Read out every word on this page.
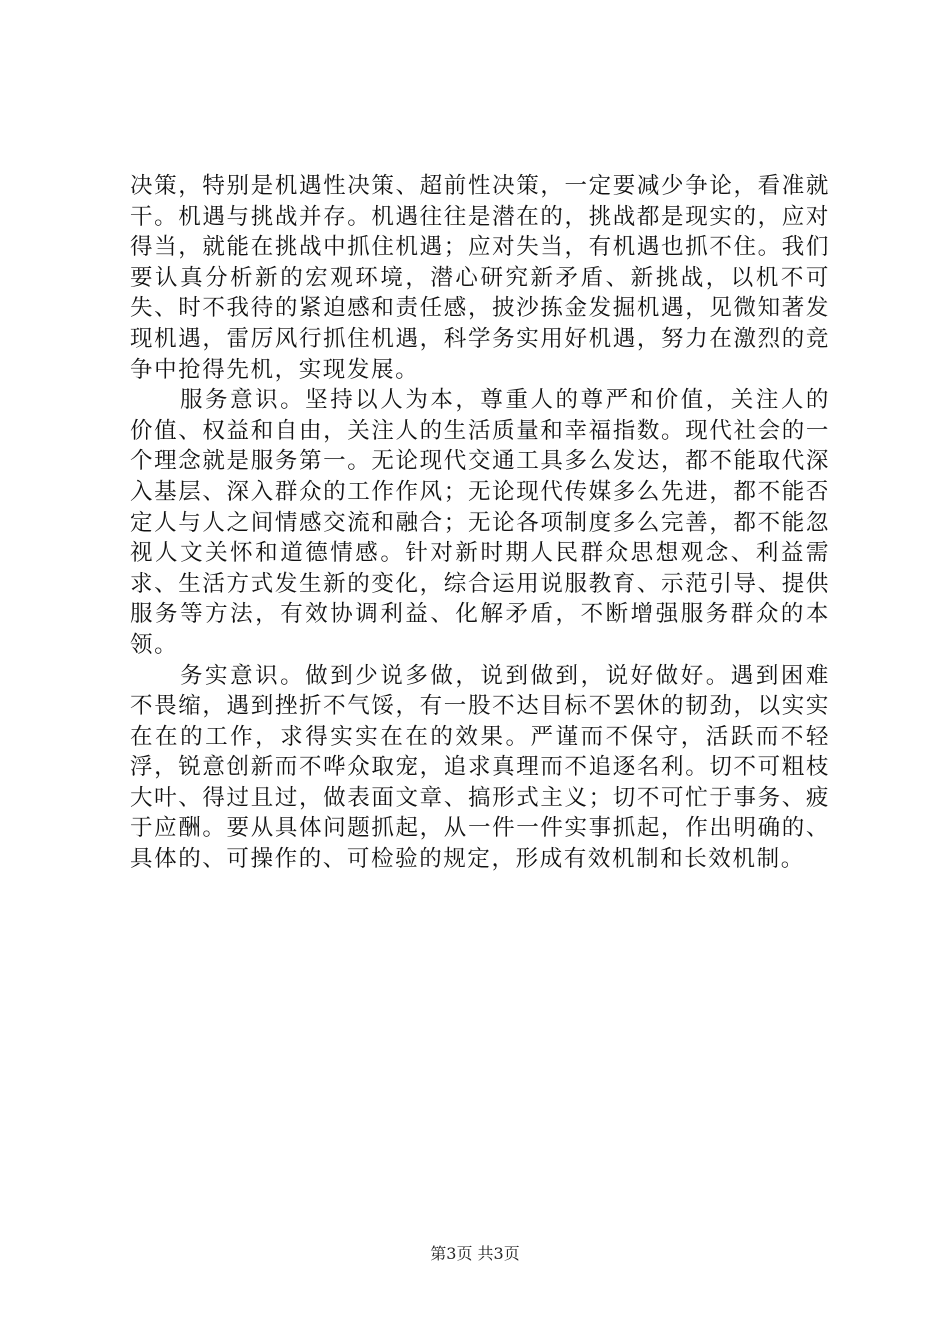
决策，特别是机遇性决策、超前性决策，一定要减少争论，看准就干。机遇与挑战并存。机遇往往是潜在的，挑战都是现实的，应对得当，就能在挑战中抓住机遇；应对失当，有机遇也抓不住。我们要认真分析新的宏观环境，潜心研究新矛盾、新挑战，以机不可失、时不我待的紧迫感和责任感，披沙拣金发掘机遇，见微知著发现机遇，雷厉风行抓住机遇，科学务实用好机遇，努力在激烈的竞争中抢得先机，实现发展。

服务意识。坚持以人为本，尊重人的尊严和价值，关注人的价值、权益和自由，关注人的生活质量和幸福指数。现代社会的一个理念就是服务第一。无论现代交通工具多么发达，都不能取代深入基层、深入群众的工作作风；无论现代传媒多么先进，都不能否定人与人之间情感交流和融合；无论各项制度多么完善，都不能忽视人文关怀和道德情感。针对新时期人民群众思想观念、利益需求、生活方式发生新的变化，综合运用说服教育、示范引导、提供服务等方法，有效协调利益、化解矛盾，不断增强服务群众的本领。

务实意识。做到少说多做，说到做到，说好做好。遇到困难不畏缩，遇到挫折不气馁，有一股不达目标不罢休的韧劲，以实实在在的工作，求得实实在在的效果。严谨而不保守，活跃而不轻浮，锐意创新而不哗众取宠，追求真理而不追逐名利。切不可粗枝大叶、得过且过，做表面文章、搞形式主义；切不可忙于事务、疲于应酬。要从具体问题抓起，从一件一件实事抓起，作出明确的、具体的、可操作的、可检验的规定，形成有效机制和长效机制。

第3页 共3页
